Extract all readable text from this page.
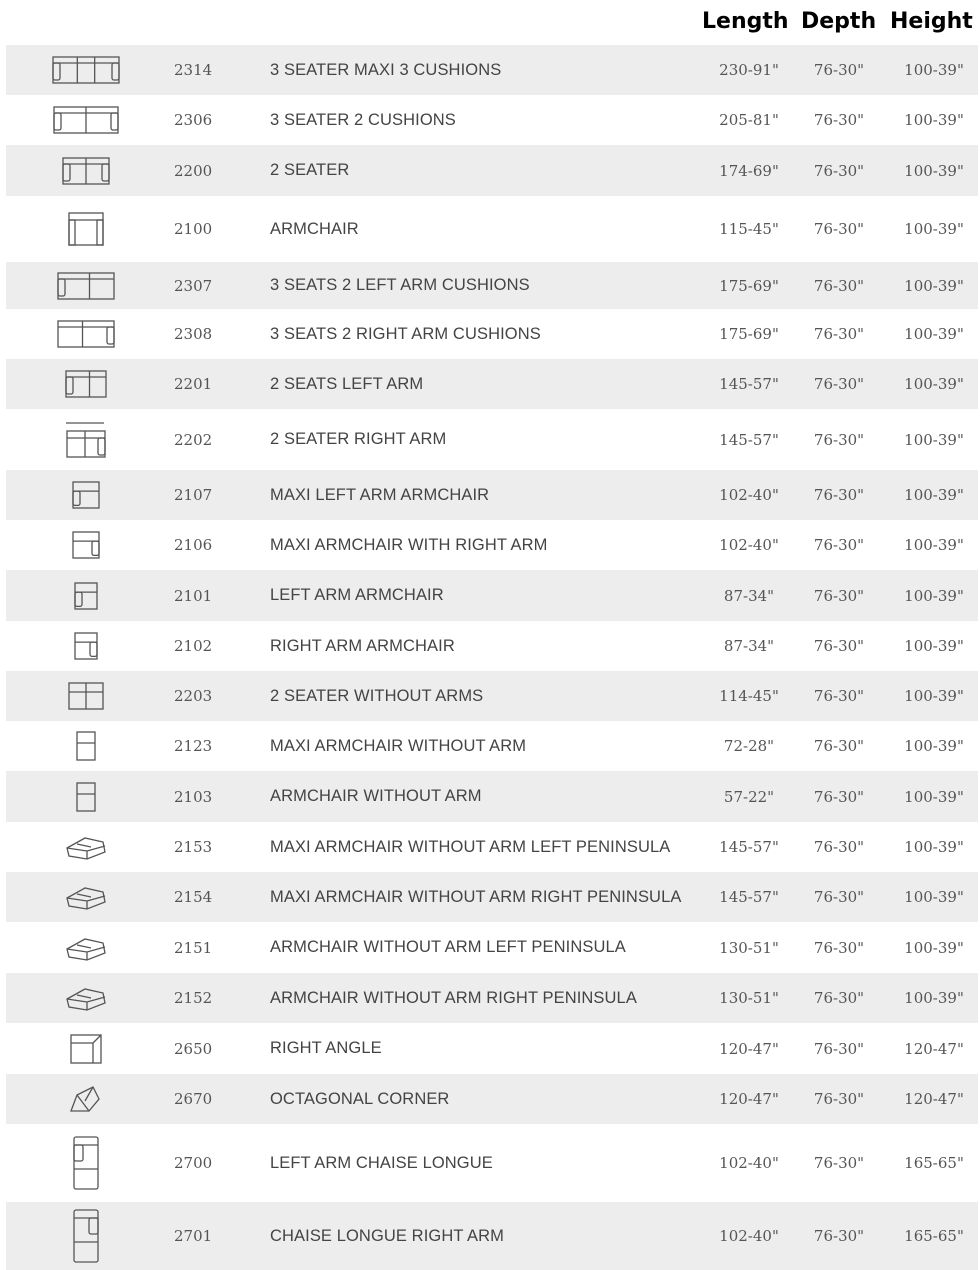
Length Depth Height
2314	3 SEATER MAXI 3 CUSHIONS	230-91"	76-30"	100-39"
2306	3 SEATER 2 CUSHIONS	205-81"	76-30"	100-39"
2200	2 SEATER	174-69"	76-30"	100-39"
2100	ARMCHAIR	115-45"	76-30"	100-39"
2307	3 SEATS 2 LEFT ARM CUSHIONS	175-69"	76-30"	100-39"
2308	3 SEATS 2 RIGHT ARM CUSHIONS	175-69"	76-30"	100-39"
2201	2 SEATS LEFT ARM	145-57"	76-30"	100-39"
2202	2 SEATER RIGHT ARM	145-57"	76-30"	100-39"
2107	MAXI LEFT ARM ARMCHAIR	102-40"	76-30"	100-39"
2106	MAXI ARMCHAIR WITH RIGHT ARM	102-40"	76-30"	100-39"
2101	LEFT ARM ARMCHAIR	87-34"	76-30"	100-39"
2102	RIGHT ARM ARMCHAIR	87-34"	76-30"	100-39"
2203	2 SEATER WITHOUT ARMS	114-45"	76-30"	100-39"
2123	MAXI ARMCHAIR WITHOUT ARM	72-28"	76-30"	100-39"
2103	ARMCHAIR WITHOUT ARM	57-22"	76-30"	100-39"
2153	MAXI ARMCHAIR WITHOUT ARM LEFT PENINSULA	145-57"	76-30"	100-39"
2154	MAXI ARMCHAIR WITHOUT ARM RIGHT PENINSULA	145-57"	76-30"	100-39"
2151	ARMCHAIR WITHOUT ARM LEFT PENINSULA	130-51"	76-30"	100-39"
2152	ARMCHAIR WITHOUT ARM RIGHT PENINSULA	130-51"	76-30"	100-39"
2650	RIGHT ANGLE	120-47"	76-30"	120-47"
2670	OCTAGONAL CORNER	120-47"	76-30"	120-47"
2700	LEFT ARM CHAISE LONGUE	102-40"	76-30"	165-65"
2701	CHAISE LONGUE RIGHT ARM	102-40"	76-30"	165-65"
